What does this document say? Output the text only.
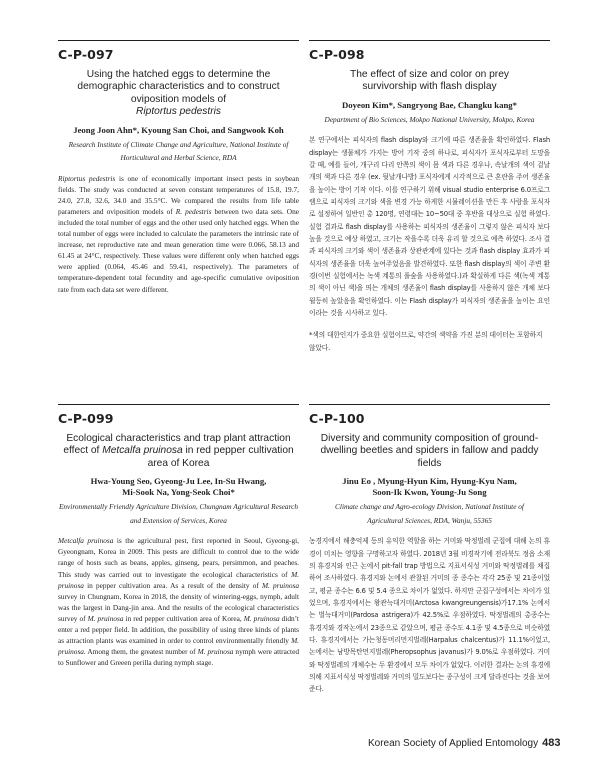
C-P-097
Using the hatched eggs to determine the demographic characteristics and to construct oviposition models of
Riptortus pedestris
Jeong Joon Ahn*, Kyoung San Choi, and Sangwook Koh
Research Institute of Climate Change and Agriculture, National Institute of Horticultural and Herbal Science, RDA
Riptortus pedestris is one of economically important insect pests in soybean fields. The study was conducted at seven constant temperatures of 15.8, 19.7, 24.0, 27.8, 32.6, 34.0 and 35.5°C. We compared the results from life table parameters and oviposition models of R. pedestris between two data sets. One included the total number of eggs and the other used only hatched eggs. When the total number of eggs were included to calculate the parameters the intrinsic rate of increase, net reproductive rate and mean generation time were 0.066, 58.13 and 61.45 at 24°C, respectively. These values were different only when hatched eggs were applied (0.064, 45.46 and 59.41, respectively). The parameters of temperature-dependent total fecundity and age-specific cumulative oviposition rate from each data set were different.
C-P-098
The effect of size and color on prey survivorship with flash display
Doyeon Kim*, Sangryong Bae, Changku kang*
Department of Bio Sciences, Mokpo National University, Mokpo, Korea
본 연구에서는 피식자의 flash display와 크기에 따른 생존율을 확인하였다. Flash display는 생물체가 가지는 방어 기작 중의 하나로, 피식자가 포식자로부터 도망을 갈 때, 예를 들어, 개구리 다리 안쪽의 색이 몸 색과 다른 경우나, 속날개의 색이 겉날개의 색과 다른 경우 (ex. 뒷날개나방) 포식자에게 시각적으로 큰 혼란을 주어 생존율을 높이는 방어 기작 이다. 이를 연구하기 위해 visual studio enterprise 6.0프로그램으로 피식자의 크기와 색을 변경 가능 하게한 시뮬레이션을 만든 후 사람을 포식자로 설정하여 일반인 총 120명, 연령대는 10~50대 중 후반을 대상으로 실험 하였다. 실험 결과로 flash display를 사용하는 피식자의 생존율이 그렇지 않은 피식자 보다 높을 것으로 예상 하였고, 크기는 작을수록 더욱 유리 할 것으로 예측 하였다. 조사 결과 피식자의 크기와 색이 생존율과 상관관계에 있다는 것과 flash display 효과가 피식자의 생존율을 더욱 높여주었음을 발견하였다. 또한 flash display의 색이 주변 환경(이번 실험에서는 녹색 계통의 풀숲을 사용하였다.)과 확실하게 다른 색(녹색 계통의 색이 아닌 색)을 띄는 개체의 생존율이 flash display를 사용하지 않은 개체 보다 월등히 높았음을 확인하였다. 이는 Flash display가 피식자의 생존율을 높이는 요인이라는 것을 시사하고 있다.
*색의 대한인지가 중요한 실험이므로, 약간의 색약을 가진 분의 데이터는 포함하지 않았다.
C-P-099
Ecological characteristics and trap plant attraction effect of Metcalfa pruinosa in red pepper cultivation area of Korea
Hwa-Young Seo, Gyeong-Ju Lee, In-Su Hwang,
Mi-Sook Na, Yong-Seok Choi*
Environmentally Friendly Agriculture Division, Chungnam Agricultural Research and Extension of Services, Korea
Metcalfa pruinosa is the agricultural pest, first reported in Seoul, Gyeong-gi, Gyeongnam, Korea in 2009. This pests are difficult to control due to the wide range of hosts such as beans, apples, ginseng, pears, persimmon, and peaches. This study was carried out to investigate the ecological characteristics of M. pruinosa in pepper cultivation area. As a result of the density of M. pruinosa survey in Chungnam, Korea in 2018, the density of wintering-eggs, nymph, adult was the largest in Dang-jin area. And the results of the ecological characteristics survey of M. pruinosa in red pepper cultivation area of Korea, M. pruinosa didn’t enter a red pepper field. In addition, the possibility of using three kinds of plants as attraction plants was examined in order to control environmentally friendly M. pruinosa. Among them, the greatest number of M. pruinosa nymph were attracted to Sunflower and Greeen perilla during nymph stage.
C-P-100
Diversity and community composition of ground-dwelling beetles and spiders in fallow and paddy fields
Jinu Eo , Myung-Hyun Kim, Hyung-Kyu Nam,
Soon-Ik Kwon, Young-Ju Song
Climate change and Agro-ecology Division, National Institute of Agricultural Sciences, RDA, Wanju, 55365
농경지에서 해충억제 등의 유익한 역할을 하는 거미와 딱정벌레 군집에 대해 논의 휴경이 미치는 영향을 구명하고자 하였다. 2018년 3월 비경작기에 전라북도 정읍 소재의 휴경지와 인근 논에서 pit-fall trap 방법으로 지표서식성 거미와 딱정벌레를 채집하여 조사하였다. 휴경지와 논에서 관찰된 거미의 종 종수는 각각 25종 및 21종이었고, 평균 종수는 6.6 및 5.4 종으로 차이가 없었다. 하지만 군집구성에서는 차이가 있었으며, 휴경지에서는 왕관늑대거미(Arctosa kwangreungensis)가17.1% 논에서는 벌늑대거미(Pardosa astrigera)가 42.5%로 우점하였다. 딱정벌레의 총종수는 휴경지와 경작논에서 23종으로 같았으며, 평균 종수도 4.1종 및 4.5종으로 비슷하였다. 휴경지에서는 가는청동머리먼지벌레(Harpalus chalcentus)가 11.1%이었고, 논에서는 남방목탄먼지벌레(Pheropsophus javanus)가 9.0%로 우점하였다. 거미와 딱정벌레의 개체수는 두 환경에서 모두 차이가 없었다. 이러한 결과는 논의 휴경에 의해 지표서식성 딱정벌레와 거미의 밀도보다는 종구성이 크게 달라진다는 것을 보여준다.
Korean Society of Applied Entomology 483
